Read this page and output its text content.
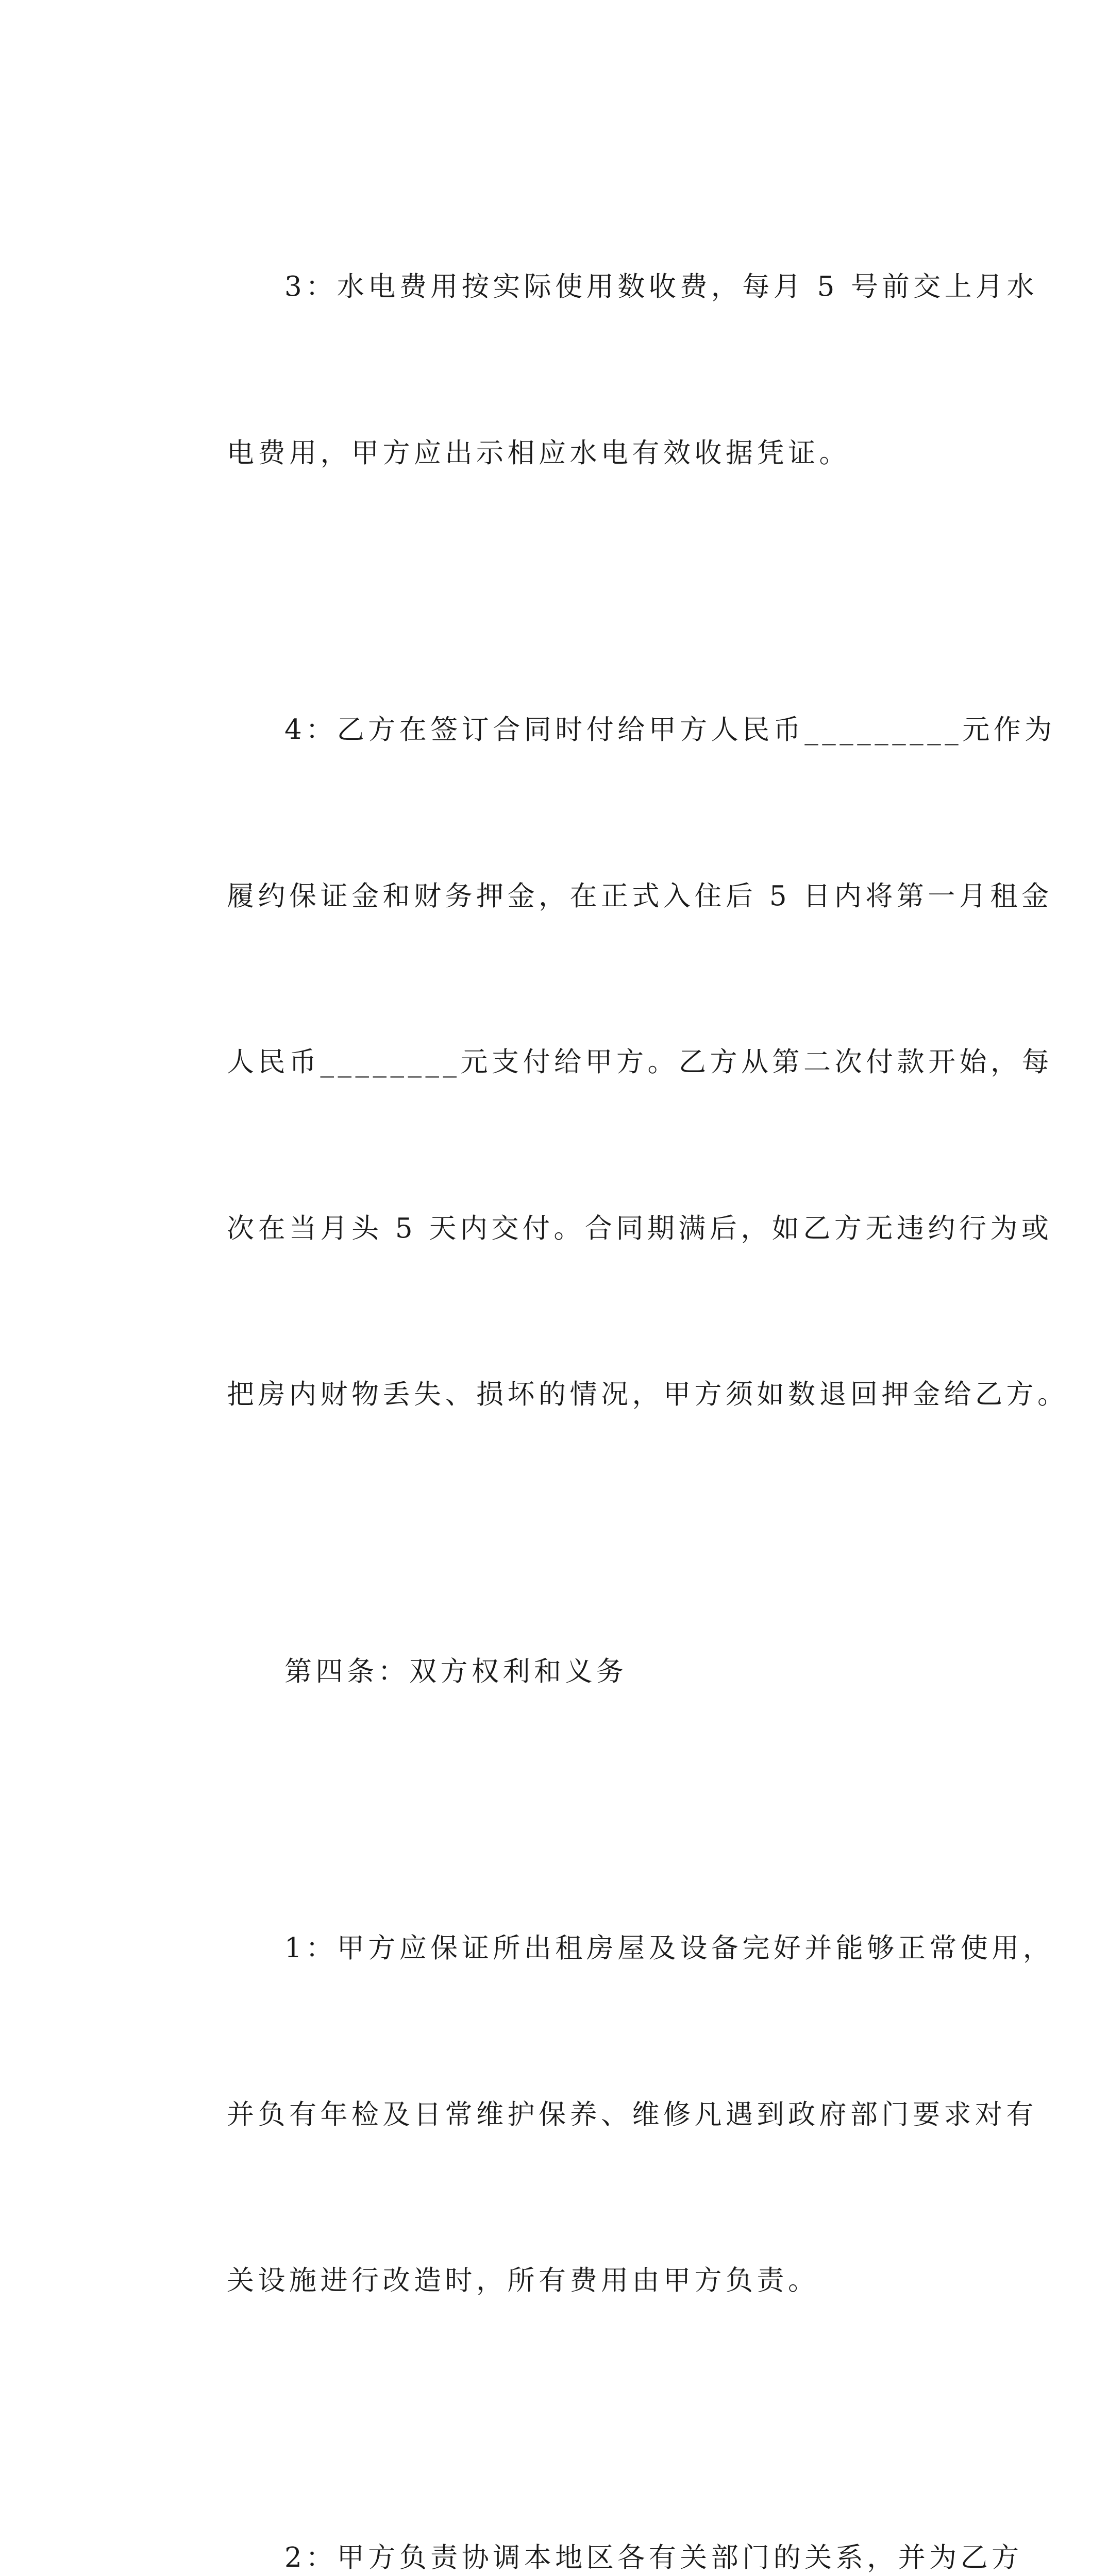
3：水电费用按实际使用数收费，每月 5 号前交上月水

电费用，甲方应出示相应水电有效收据凭证。

4：乙方在签订合同时付给甲方人民币_________元作为

履约保证金和财务押金，在正式入住后 5 日内将第一月租金

人民币________元支付给甲方。乙方从第二次付款开始，每

次在当月头 5 天内交付。合同期满后，如乙方无违约行为或

把房内财物丢失、损坏的情况，甲方须如数退回押金给乙方。

第四条：双方权利和义务

1：甲方应保证所出租房屋及设备完好并能够正常使用，

并负有年检及日常维护保养、维修凡遇到政府部门要求对有

关设施进行改造时，所有费用由甲方负责。

2：甲方负责协调本地区各有关部门的关系，并为乙方
